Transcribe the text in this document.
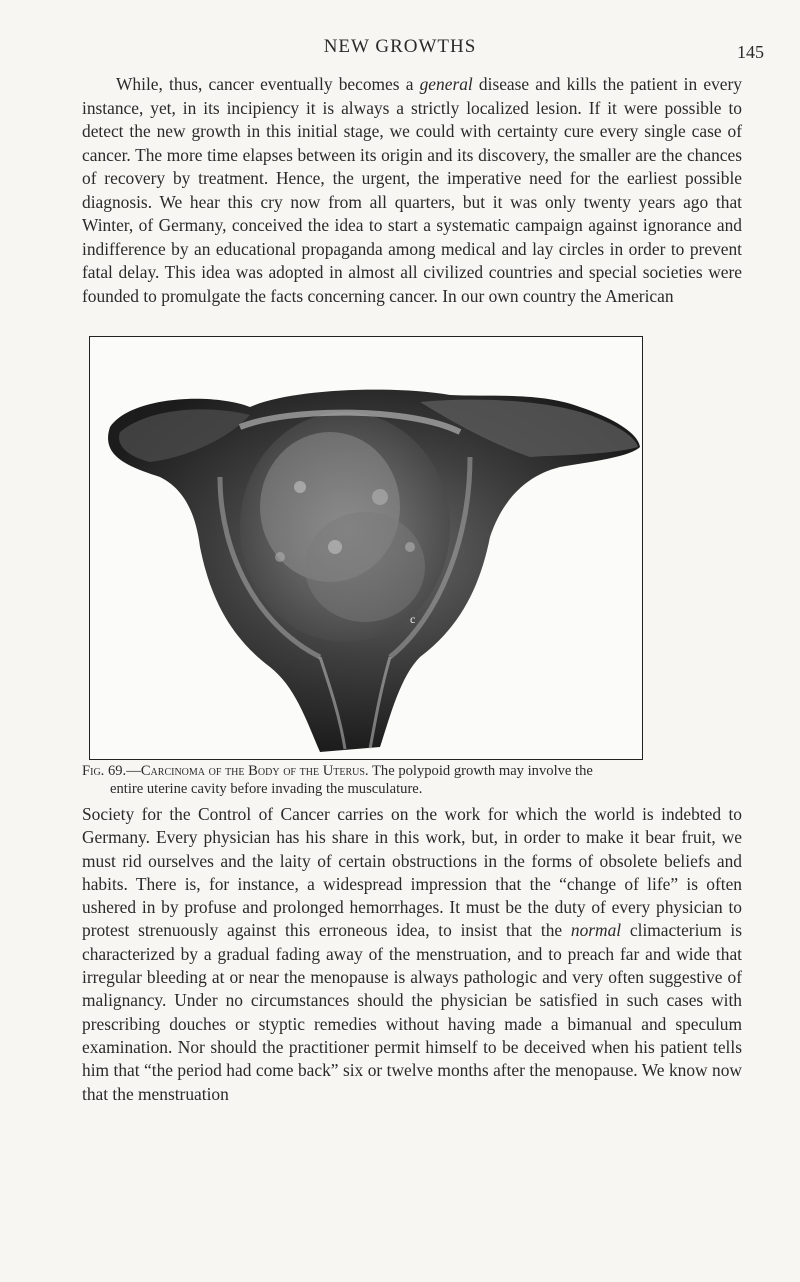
NEW GROWTHS	145

While, thus, cancer eventually becomes a general disease and kills the patient in every instance, yet, in its incipiency it is always a strictly localized lesion. If it were possible to detect the new growth in this initial stage, we could with certainty cure every single case of cancer. The more time elapses between its origin and its discovery, the smaller are the chances of recovery by treatment. Hence, the urgent, the imperative need for the earliest possible diagnosis. We hear this cry now from all quarters, but it was only twenty years ago that Winter, of Germany, conceived the idea to start a systematic campaign against ignorance and indifference by an educational propaganda among medical and lay circles in order to prevent fatal delay. This idea was adopted in almost all civilized countries and special societies were founded to promulgate the facts concerning cancer. In our own country the American

c
Fig. 69.—Carcinoma of the Body of the Uterus. The polypoid growth may involve the
entire uterine cavity before invading the musculature.

Society for the Control of Cancer carries on the work for which the world is indebted to Germany. Every physician has his share in this work, but, in order to make it bear fruit, we must rid ourselves and the laity of certain obstructions in the forms of obsolete beliefs and habits. There is, for instance, a widespread impression that the “change of life” is often ushered in by profuse and prolonged hemorrhages. It must be the duty of every physician to protest strenuously against this erroneous idea, to insist that the normal climacterium is characterized by a gradual fading away of the menstruation, and to preach far and wide that irregular bleeding at or near the menopause is always pathologic and very often suggestive of malignancy. Under no circumstances should the physician be satisfied in such cases with prescribing douches or styptic remedies without having made a bimanual and speculum examination. Nor should the practitioner permit himself to be deceived when his patient tells him that “the period had come back” six or twelve months after the menopause. We know now that the menstruation
